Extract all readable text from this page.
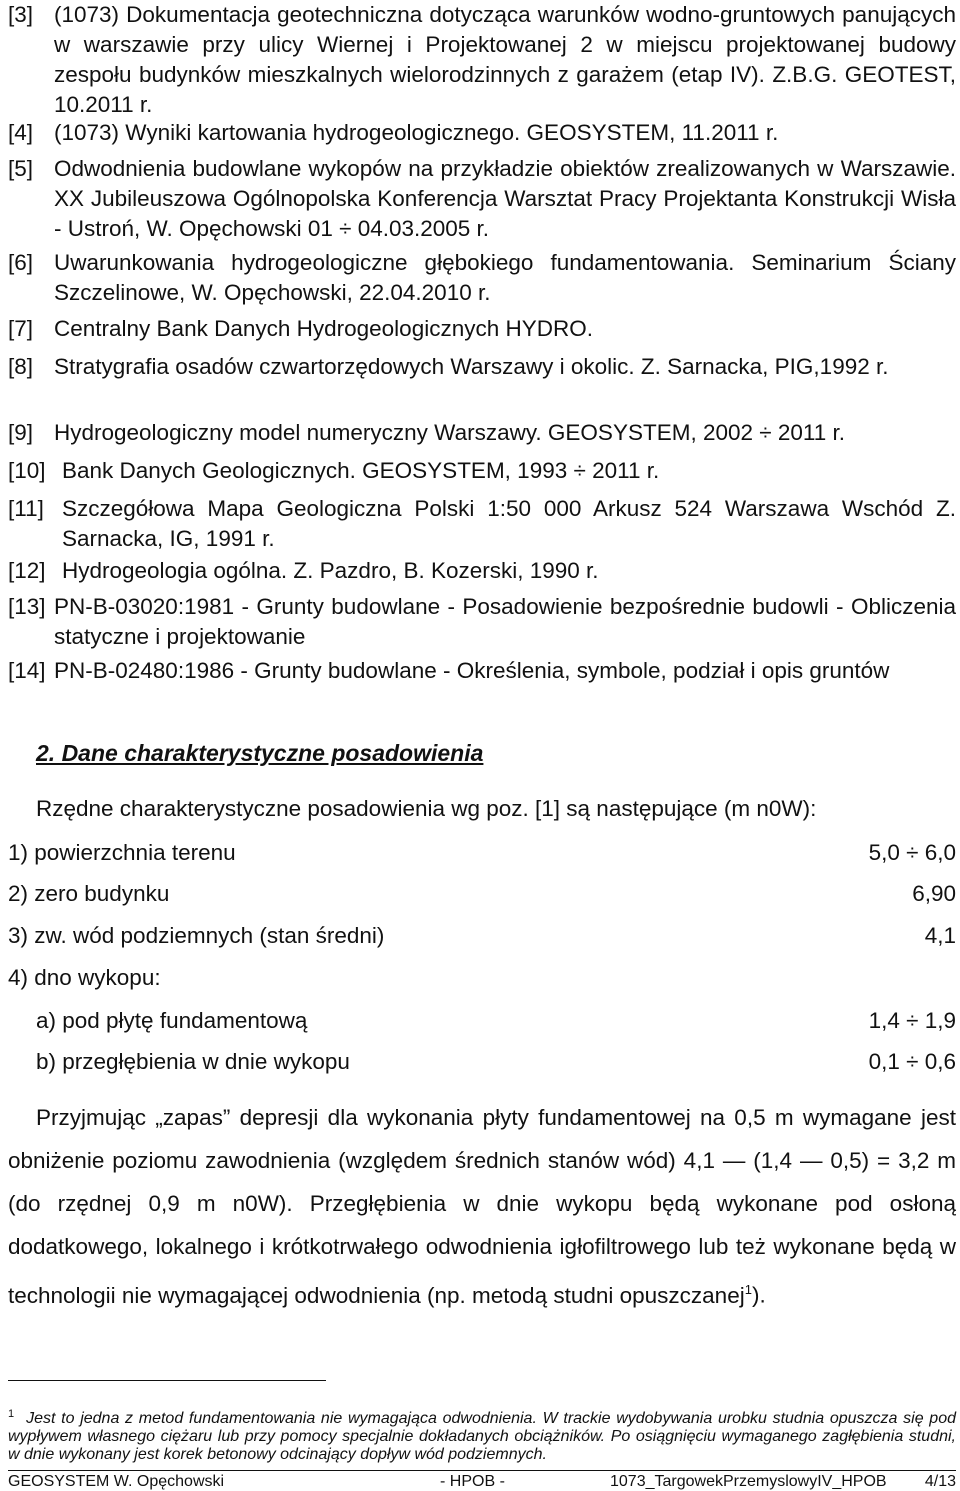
[3] (1073) Dokumentacja geotechniczna dotycząca warunków wodno-gruntowych panujących w warszawie przy ulicy Wiernej i Projektowanej 2 w miejscu projektowanej budowy zespołu budynków mieszkalnych wielorodzinnych z garażem (etap IV). Z.B.G. GEOTEST, 10.2011 r.
[4] (1073) Wyniki kartowania hydrogeologicznego. GEOSYSTEM, 11.2011 r.
[5] Odwodnienia budowlane wykopów na przykładzie obiektów zrealizowanych w Warszawie. XX Jubileuszowa Ogólnopolska Konferencja Warsztat Pracy Projektanta Konstrukcji Wisła - Ustroń, W. Opęchowski 01 ÷ 04.03.2005 r.
[6] Uwarunkowania hydrogeologiczne głębokiego fundamentowania. Seminarium Ściany Szczelinowe, W. Opęchowski, 22.04.2010 r.
[7] Centralny Bank Danych Hydrogeologicznych HYDRO.
[8] Stratygrafia osadów czwartorzędowych Warszawy i okolic. Z. Sarnacka, PIG,1992 r.
[9] Hydrogeologiczny model numeryczny Warszawy. GEOSYSTEM, 2002 ÷ 2011 r.
[10] Bank Danych Geologicznych. GEOSYSTEM, 1993 ÷ 2011 r.
[11] Szczegółowa Mapa Geologiczna Polski 1:50 000 Arkusz 524 Warszawa Wschód Z. Sarnacka, IG, 1991 r.
[12] Hydrogeologia ogólna. Z. Pazdro, B. Kozerski, 1990 r.
[13] PN-B-03020:1981 - Grunty budowlane - Posadowienie bezpośrednie budowli - Obliczenia statyczne i projektowanie
[14] PN-B-02480:1986 - Grunty budowlane - Określenia, symbole, podział i opis gruntów
2. Dane charakterystyczne posadowienia
Rzędne charakterystyczne posadowienia wg poz. [1] są następujące (m n0W):
1) powierzchnia terenu	5,0 ÷ 6,0
2) zero budynku	6,90
3) zw. wód podziemnych (stan średni)	4,1
4) dno wykopu:
a) pod płytę fundamentową	1,4 ÷ 1,9
b) przegłębienia w dnie wykopu	0,1 ÷ 0,6
Przyjmując „zapas” depresji dla wykonania płyty fundamentowej na 0,5 m wymagane jest obniżenie poziomu zawodnienia (względem średnich stanów wód) 4,1 — (1,4 — 0,5) = 3,2 m (do rzędnej 0,9 m n0W). Przegłębienia w dnie wykopu będą wykonane pod osłoną dodatkowego, lokalnego i krótkotrwałego odwodnienia igłofiltrowego lub też wykonane będą w technologii nie wymagającej odwodnienia (np. metodą studni opuszczanej$^1$).
$^1$ Jest to jedna z metod fundamentowania nie wymagająca odwodnienia. W trackie wydobywania urobku studnia opuszcza się pod wypływem własnego ciężaru lub przy pomocy specjalnie dokładanych obciążników. Po osiągnięciu wymaganego zagłębienia studni, w dnie wykonany jest korek betonowy odcinający dopływ wód podziemnych.
GEOSYSTEM W. Opęchowski	- HPOB -	1073_TargowekPrzemyslowyIV_HPOB 4/13
